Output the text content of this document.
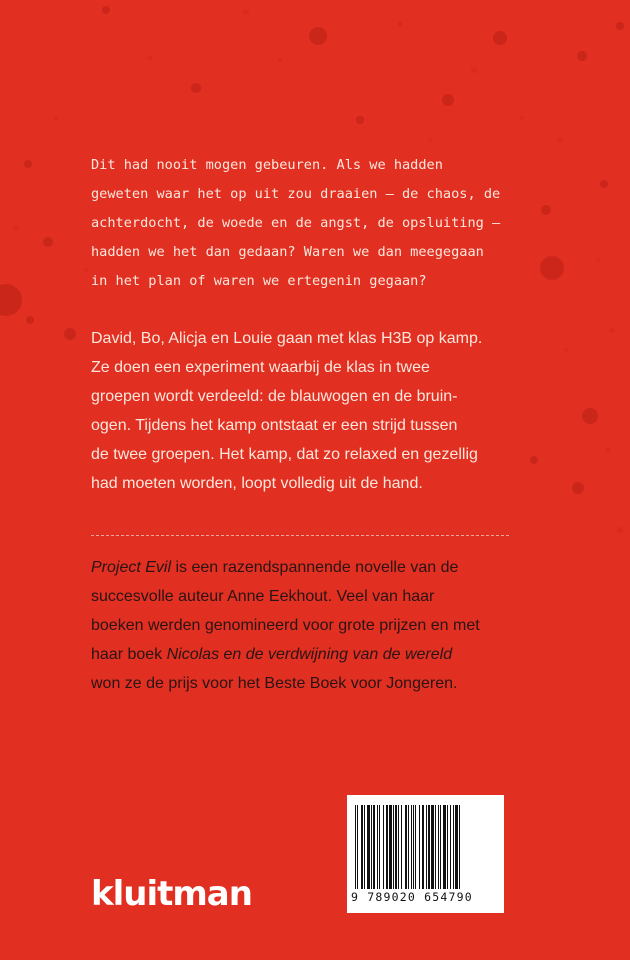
Dit had nooit mogen gebeuren. Als we hadden
geweten waar het op uit zou draaien – de chaos, de
achterdocht, de woede en de angst, de opsluiting –
hadden we het dan gedaan? Waren we dan meegegaan
in het plan of waren we ertegenin gegaan?

David, Bo, Alicja en Louie gaan met klas H3B op kamp.
Ze doen een experiment waarbij de klas in twee
groepen wordt verdeeld: de blauwogen en de bruin-
ogen. Tijdens het kamp ontstaat er een strijd tussen
de twee groepen. Het kamp, dat zo relaxed en gezellig
had moeten worden, loopt volledig uit de hand.

Project Evil is een razendspannende novelle van de
succesvolle auteur Anne Eekhout. Veel van haar
boeken werden genomineerd voor grote prijzen en met
haar boek Nicolas en de verdwijning van de wereld
won ze de prijs voor het Beste Boek voor Jongeren.

kluitman	9 789020 654790
